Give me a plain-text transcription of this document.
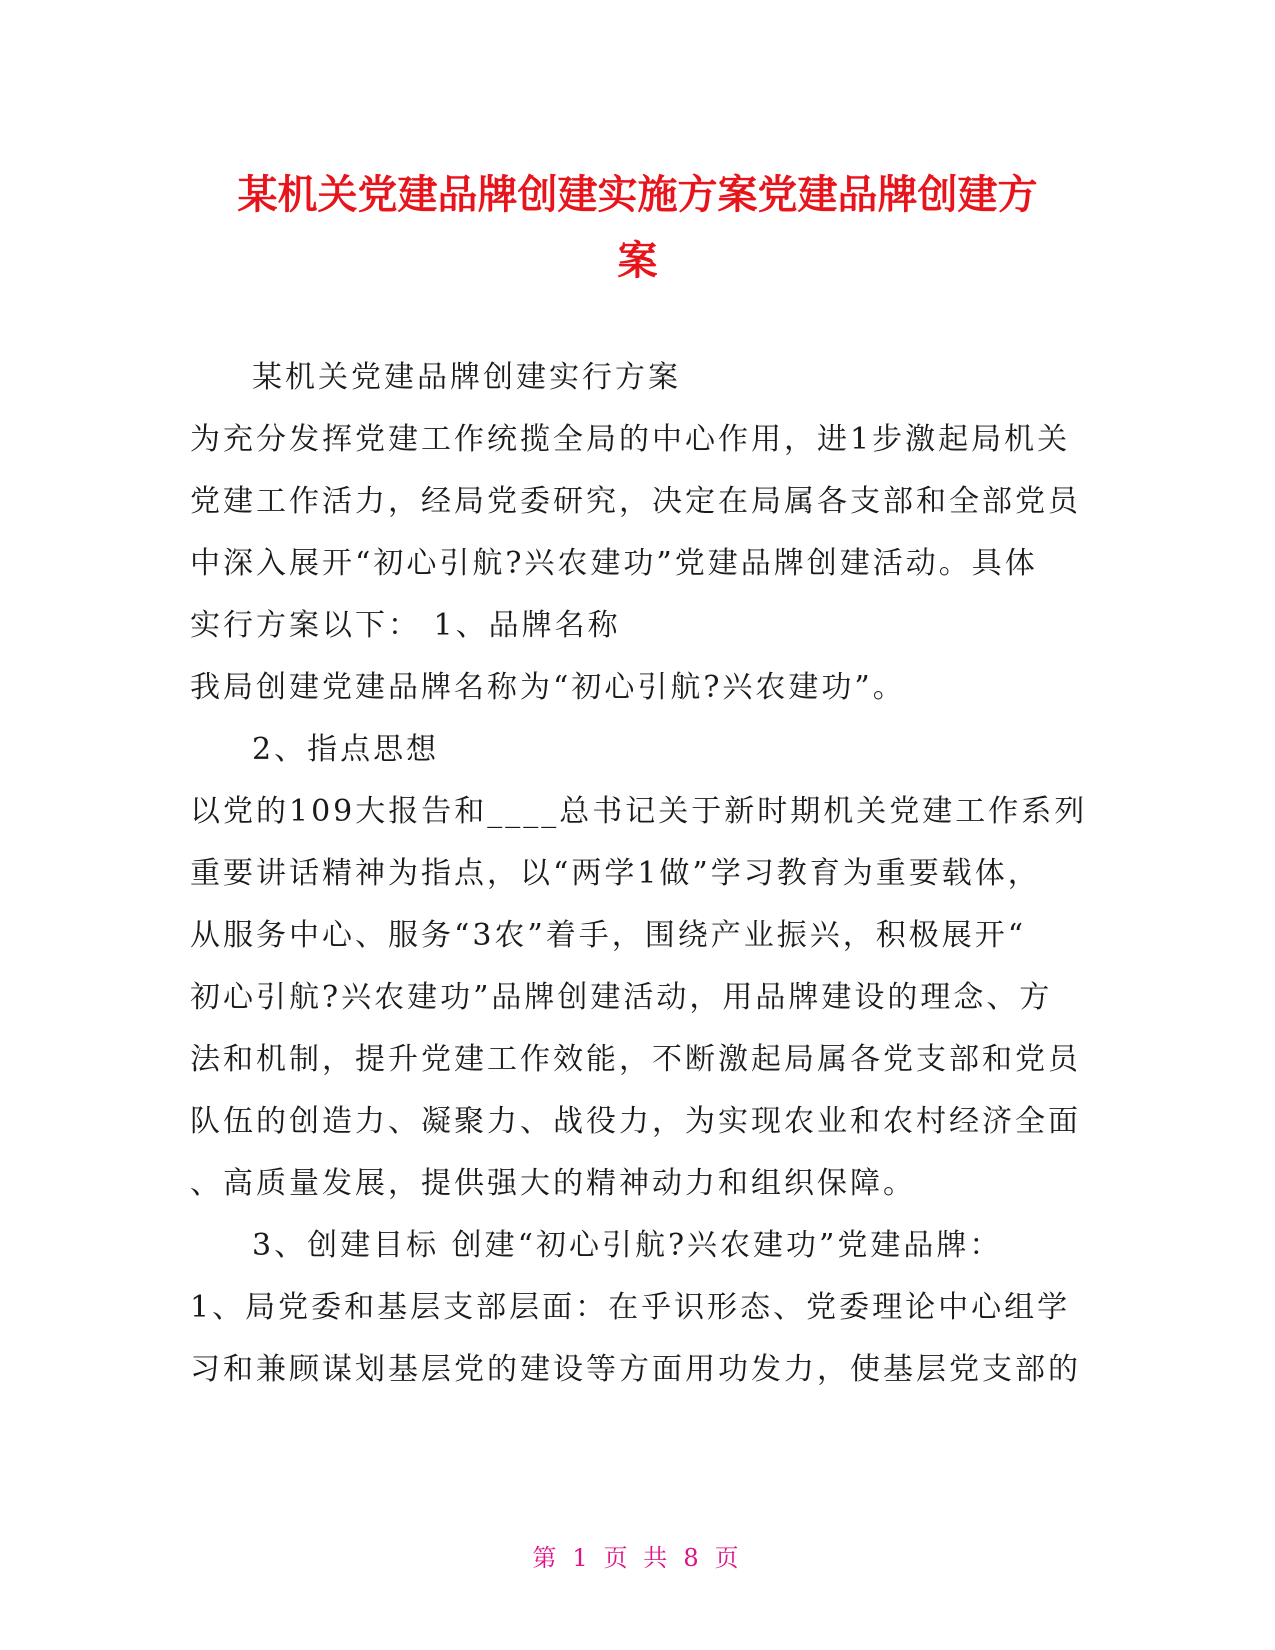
某机关党建品牌创建实施方案党建品牌创建方
案
某机关党建品牌创建实行方案
为充分发挥党建工作统揽全局的中心作用，进1步激起局机关
党建工作活力，经局党委研究，决定在局属各支部和全部党员
中深入展开“初心引航?兴农建功”党建品牌创建活动。具体
实行方案以下： 1、品牌名称
我局创建党建品牌名称为“初心引航?兴农建功”。
2、指点思想
以党的109大报告和____总书记关于新时期机关党建工作系列
重要讲话精神为指点，以“两学1做”学习教育为重要载体，
从服务中心、服务“3农”着手，围绕产业振兴，积极展开“
初心引航?兴农建功”品牌创建活动，用品牌建设的理念、方
法和机制，提升党建工作效能，不断激起局属各党支部和党员
队伍的创造力、凝聚力、战役力，为实现农业和农村经济全面
、高质量发展，提供强大的精神动力和组织保障。
3、创建目标 创建“初心引航?兴农建功”党建品牌：
1、局党委和基层支部层面：在乎识形态、党委理论中心组学
习和兼顾谋划基层党的建设等方面用功发力，使基层党支部的
第 1 页 共 8 页
